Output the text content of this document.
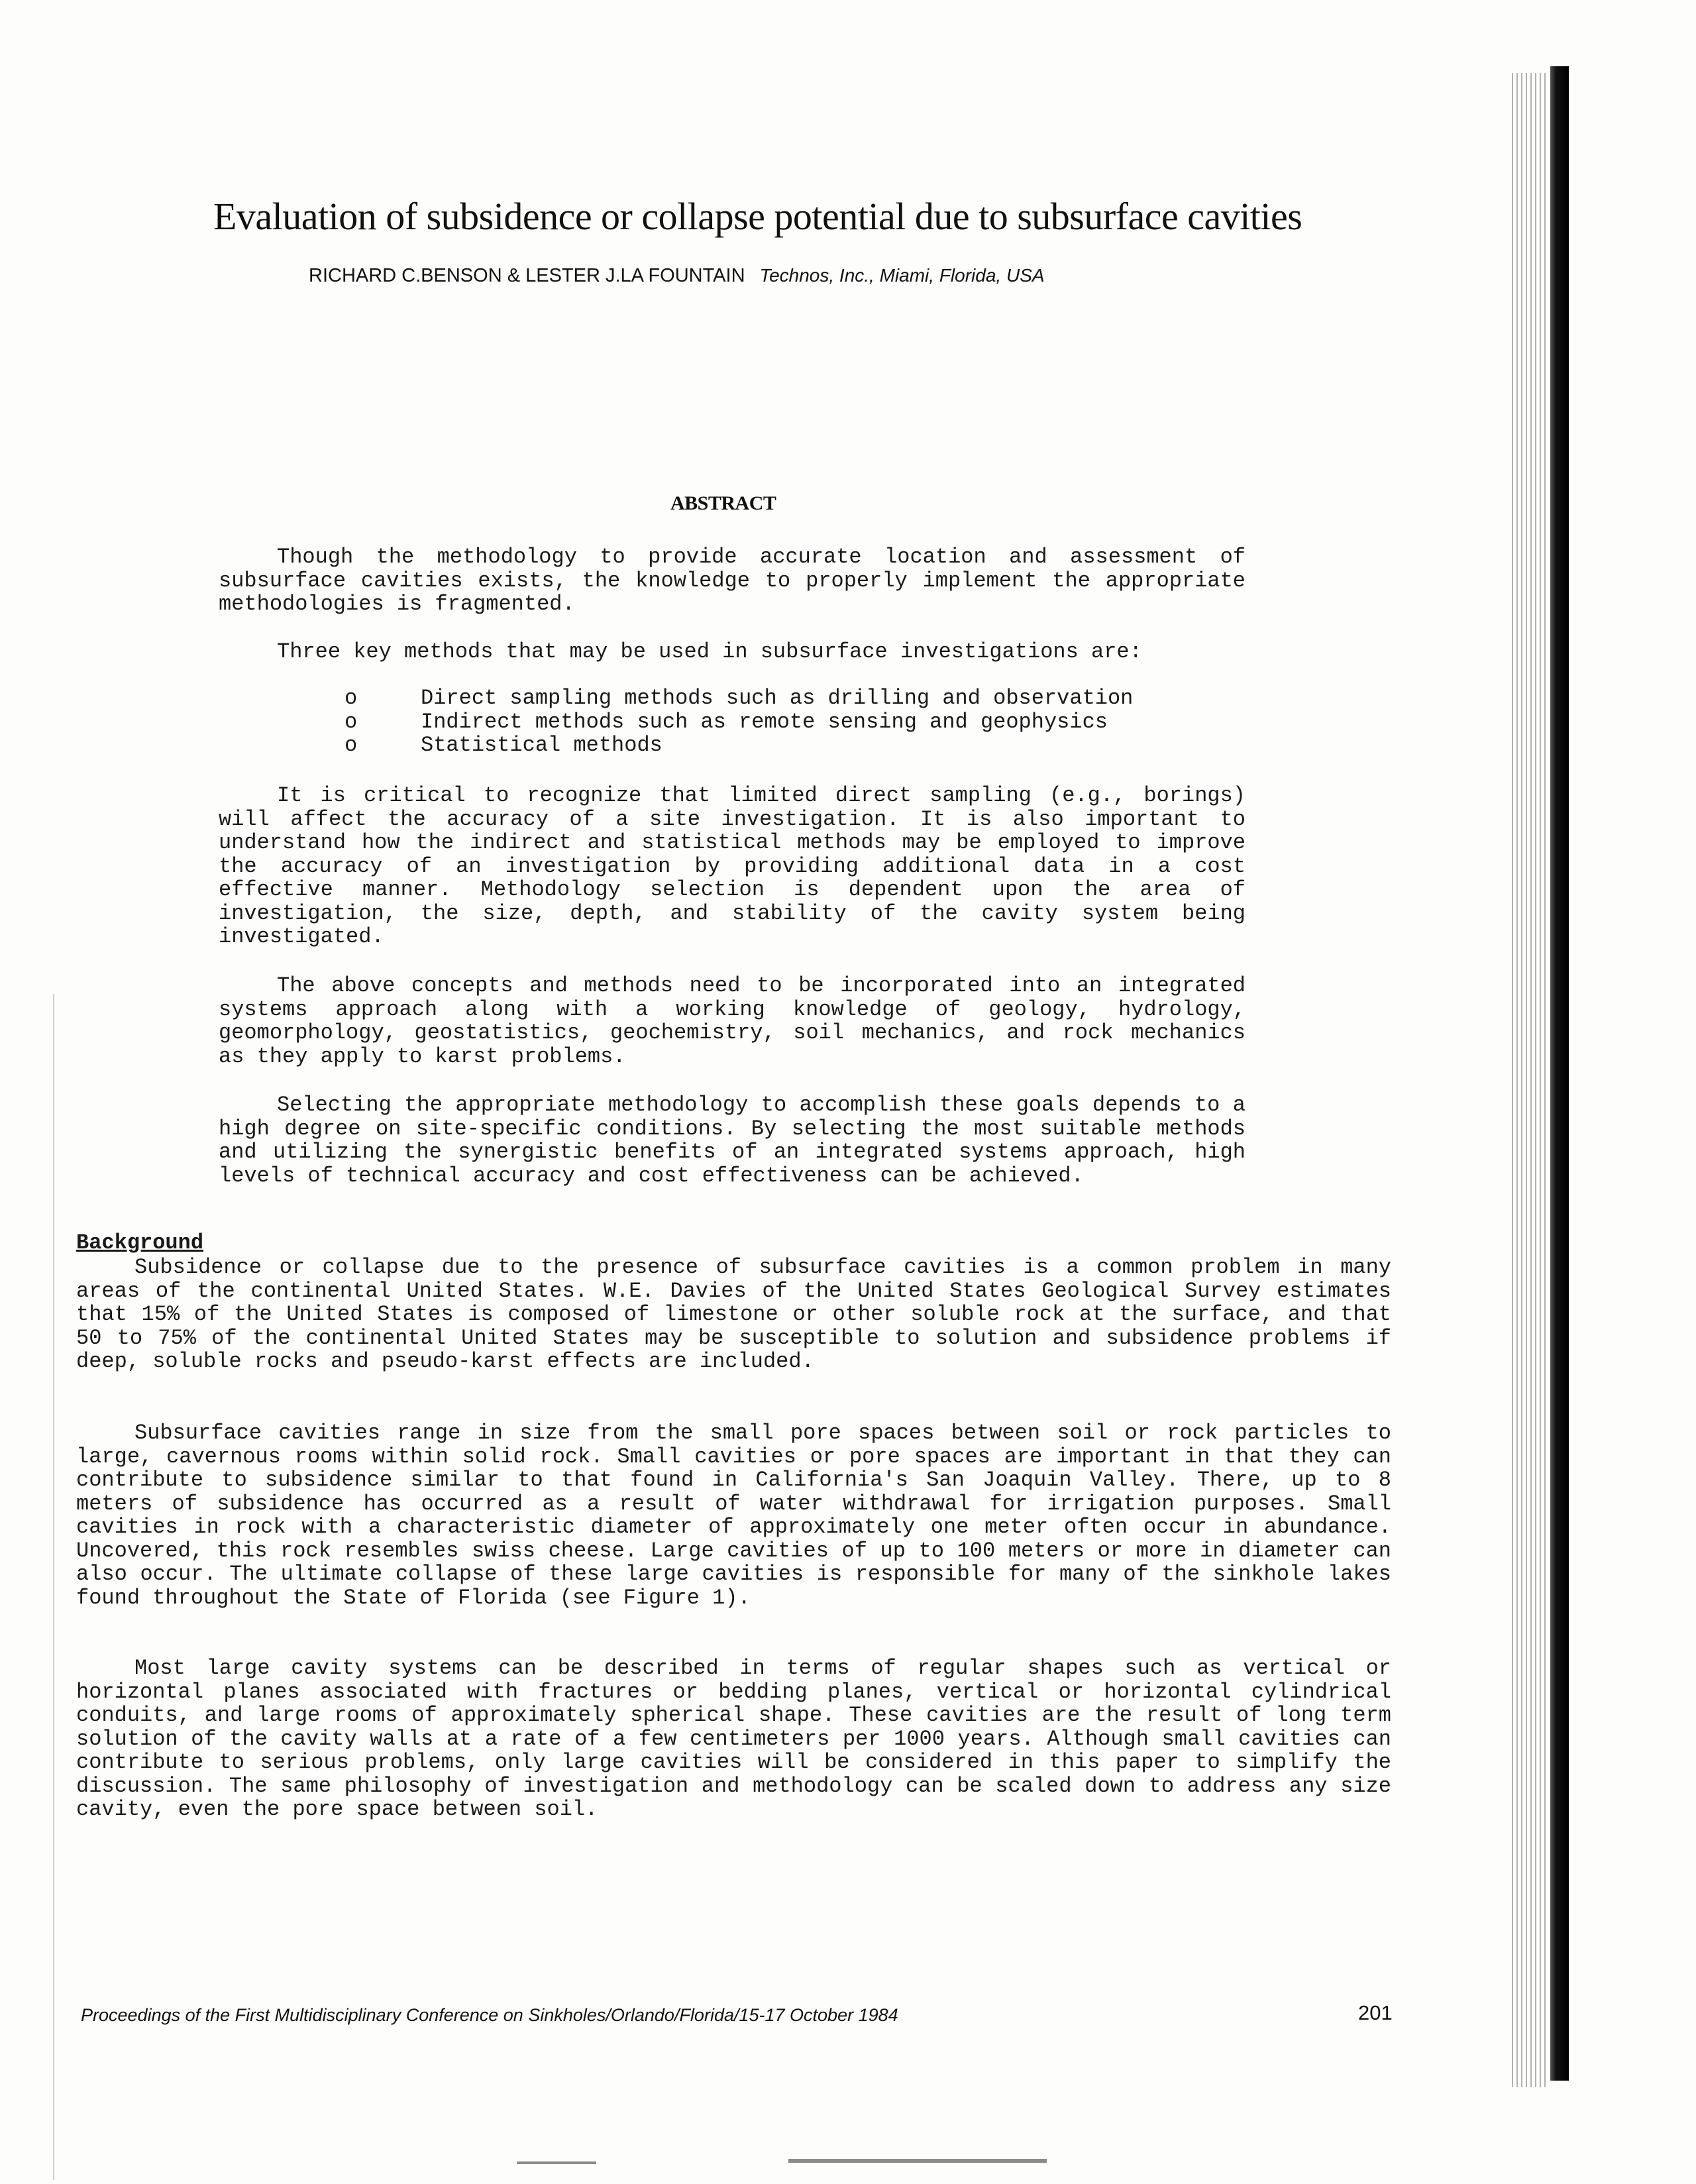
Evaluation of subsidence or collapse potential due to subsurface cavities
RICHARD C.BENSON & LESTER J.LA FOUNTAIN Technos, Inc., Miami, Florida, USA
ABSTRACT

Though the methodology to provide accurate location and assessment of subsurface cavities exists, the knowledge to properly implement the appropriate methodologies is fragmented.

Three key methods that may be used in subsurface investigations are:
o	Direct sampling methods such as drilling and observation
o	Indirect methods such as remote sensing and geophysics
o	Statistical methods

It is critical to recognize that limited direct sampling (e.g., borings) will affect the accuracy of a site investigation. It is also important to understand how the indirect and statistical methods may be employed to improve the accuracy of an investigation by providing additional data in a cost effective manner. Methodology selection is dependent upon the area of investigation, the size, depth, and stability of the cavity system being investigated.

The above concepts and methods need to be incorporated into an integrated systems approach along with a working knowledge of geology, hydrology, geomorphology, geostatistics, geochemistry, soil mechanics, and rock mechanics as they apply to karst problems.

Selecting the appropriate methodology to accomplish these goals depends to a high degree on site-specific conditions. By selecting the most suitable methods and utilizing the synergistic benefits of an integrated systems approach, high levels of technical accuracy and cost effectiveness can be achieved.

Background

Subsidence or collapse due to the presence of subsurface cavities is a common problem in many areas of the continental United States. W.E. Davies of the United States Geological Survey estimates that 15% of the United States is composed of limestone or other soluble rock at the surface, and that 50 to 75% of the continental United States may be susceptible to solution and subsidence problems if deep, soluble rocks and pseudo-karst effects are included.

Subsurface cavities range in size from the small pore spaces between soil or rock particles to large, cavernous rooms within solid rock. Small cavities or pore spaces are important in that they can contribute to subsidence similar to that found in California's San Joaquin Valley. There, up to 8 meters of subsidence has occurred as a result of water withdrawal for irrigation purposes. Small cavities in rock with a characteristic diameter of approximately one meter often occur in abundance. Uncovered, this rock resembles swiss cheese. Large cavities of up to 100 meters or more in diameter can also occur. The ultimate collapse of these large cavities is responsible for many of the sinkhole lakes found throughout the State of Florida (see Figure 1).

Most large cavity systems can be described in terms of regular shapes such as vertical or horizontal planes associated with fractures or bedding planes, vertical or horizontal cylindrical conduits, and large rooms of approximately spherical shape. These cavities are the result of long term solution of the cavity walls at a rate of a few centimeters per 1000 years. Although small cavities can contribute to serious problems, only large cavities will be considered in this paper to simplify the discussion. The same philosophy of investigation and methodology can be scaled down to address any size cavity, even the pore space between soil.

Proceedings of the First Multidisciplinary Conference on Sinkholes/Orlando/Florida/15-17 October 1984	201
